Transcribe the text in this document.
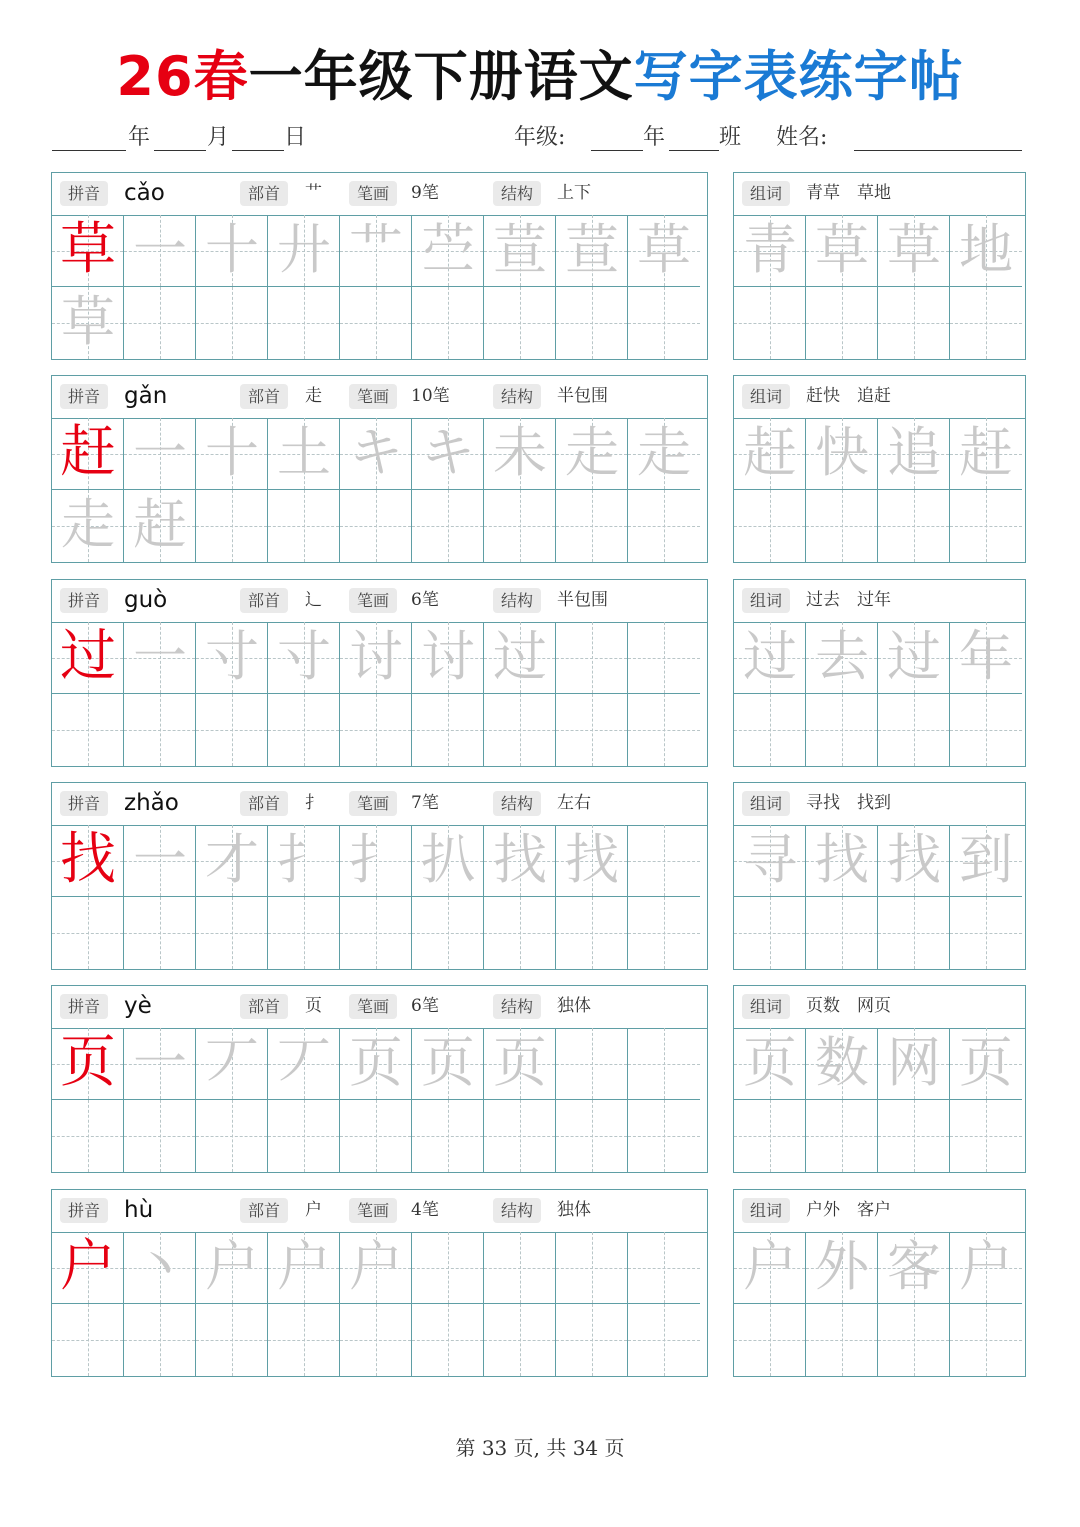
26春一年级下册语文写字表练字帖
年	月 日	年级:	年 班 姓名:
拼音	cǎo	部首	艹	笔画	9笔	结构	上下
草 一 十 廾 艹 苎 荁 荁 草
草
组词	青草　草地
青 草 草 地
拼音	gǎn	部首	走	笔画	10笔	结构	半包围
赶 一 十 土 キ キ 未 走 走
走 赶
组词	赶快　追赶
赶 快 追 赶
拼音	guò	部首	辶	笔画	6笔	结构	半包围
过 一 寸 寸 讨 讨 过
组词	过去　过年
过 去 过 年
拼音	zhǎo	部首	扌	笔画	7笔	结构	左右
找 一 才 扌 扌 扒 找 找
组词	寻找　找到
寻 找 找 到
拼音	yè	部首	页	笔画	6笔	结构	独体
页 一 丆 丆 页 页 页
组词	页数　网页
页 数 网 页
拼音	hù	部首	户	笔画	4笔	结构	独体
户 丶 户 户 户
组词	户外　客户
户 外 客 户
第 33 页, 共 34 页
